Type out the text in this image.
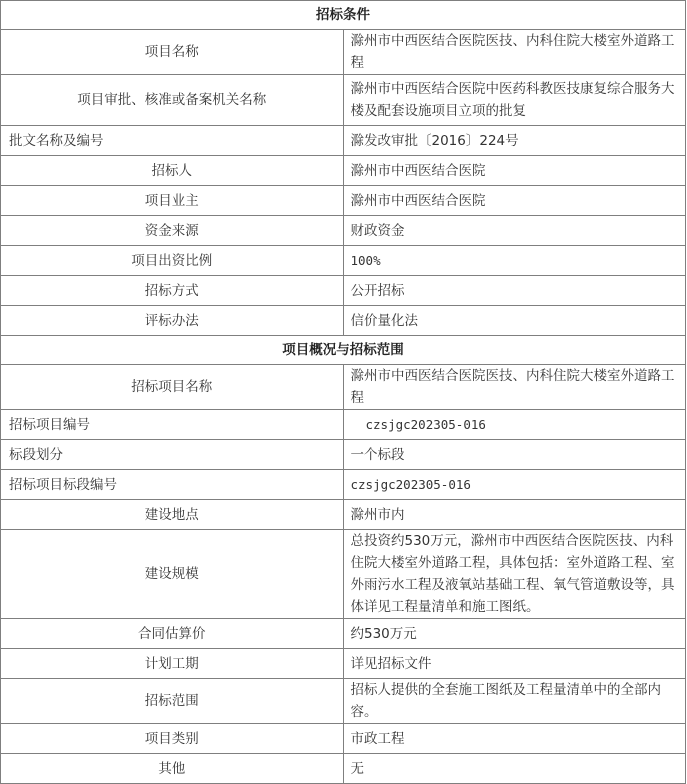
招标条件	
项目名称	滁州市中西医结合医院医技、内科住院大楼室外道路工程
项目审批、核准或备案机关名称	滁州市中西医结合医院中医药科教医技康复综合服务大楼及配套设施项目立项的批复
批文名称及编号	滁发改审批〔2016〕224号
招标人	滁州市中西医结合医院
项目业主	滁州市中西医结合医院
资金来源	财政资金
项目出资比例	100%
招标方式	公开招标
评标办法	信价量化法
项目概况与招标范围	
招标项目名称	滁州市中西医结合医院医技、内科住院大楼室外道路工程
招标项目编号	czsjgc202305-016
标段划分	一个标段
招标项目标段编号	czsjgc202305-016
建设地点	滁州市内
建设规模	总投资约530万元，滁州市中西医结合医院医技、内科住院大楼室外道路工程，具体包括：室外道路工程、室外雨污水工程及液氧站基础工程、氧气管道敷设等，具体详见工程量清单和施工图纸。
合同估算价	约530万元
计划工期	详见招标文件
招标范围	招标人提供的全套施工图纸及工程量清单中的全部内容。
项目类别	市政工程
其他	无
